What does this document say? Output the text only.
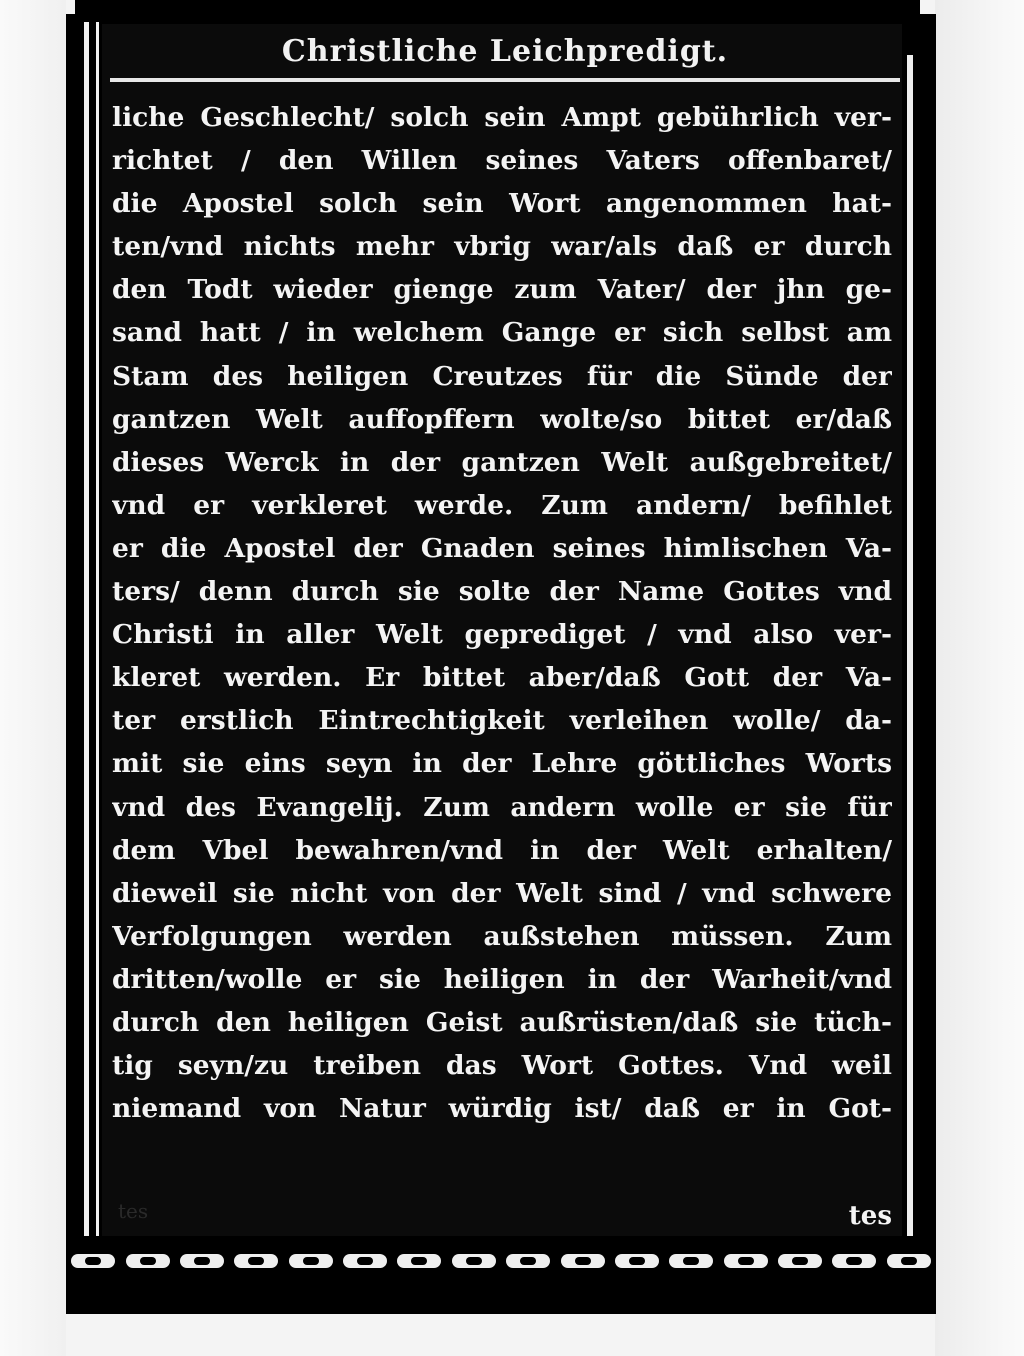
Christliche Leichpredigt.
liche Geschlecht/ solch sein Ampt gebührlich ver-
richtet / den Willen seines Vaters offenbaret/
die Apostel solch sein Wort angenommen hat-
ten/vnd nichts mehr vbrig war/als daß er durch
den Todt wieder gienge zum Vater/ der jhn ge-
sand hatt / in welchem Gange er sich selbst am
Stam des heiligen Creutzes für die Sünde der
gantzen Welt auffopffern wolte/so bittet er/daß
dieses Werck in der gantzen Welt außgebreitet/
vnd er verkleret werde. Zum andern/ befihlet
er die Apostel der Gnaden seines himlischen Va-
ters/ denn durch sie solte der Name Gottes vnd
Christi in aller Welt geprediget / vnd also ver-
kleret werden. Er bittet aber/daß Gott der Va-
ter erstlich Eintrechtigkeit verleihen wolle/ da-
mit sie eins seyn in der Lehre göttliches Worts
vnd des Evangelij. Zum andern wolle er sie für
dem Vbel bewahren/vnd in der Welt erhalten/
dieweil sie nicht von der Welt sind / vnd schwere
Verfolgungen werden außstehen müssen. Zum
dritten/wolle er sie heiligen in der Warheit/vnd
durch den heiligen Geist außrüsten/daß sie tüch-
tig seyn/zu treiben das Wort Gottes. Vnd weil
niemand von Natur würdig ist/ daß er in Got-
tes	tes
